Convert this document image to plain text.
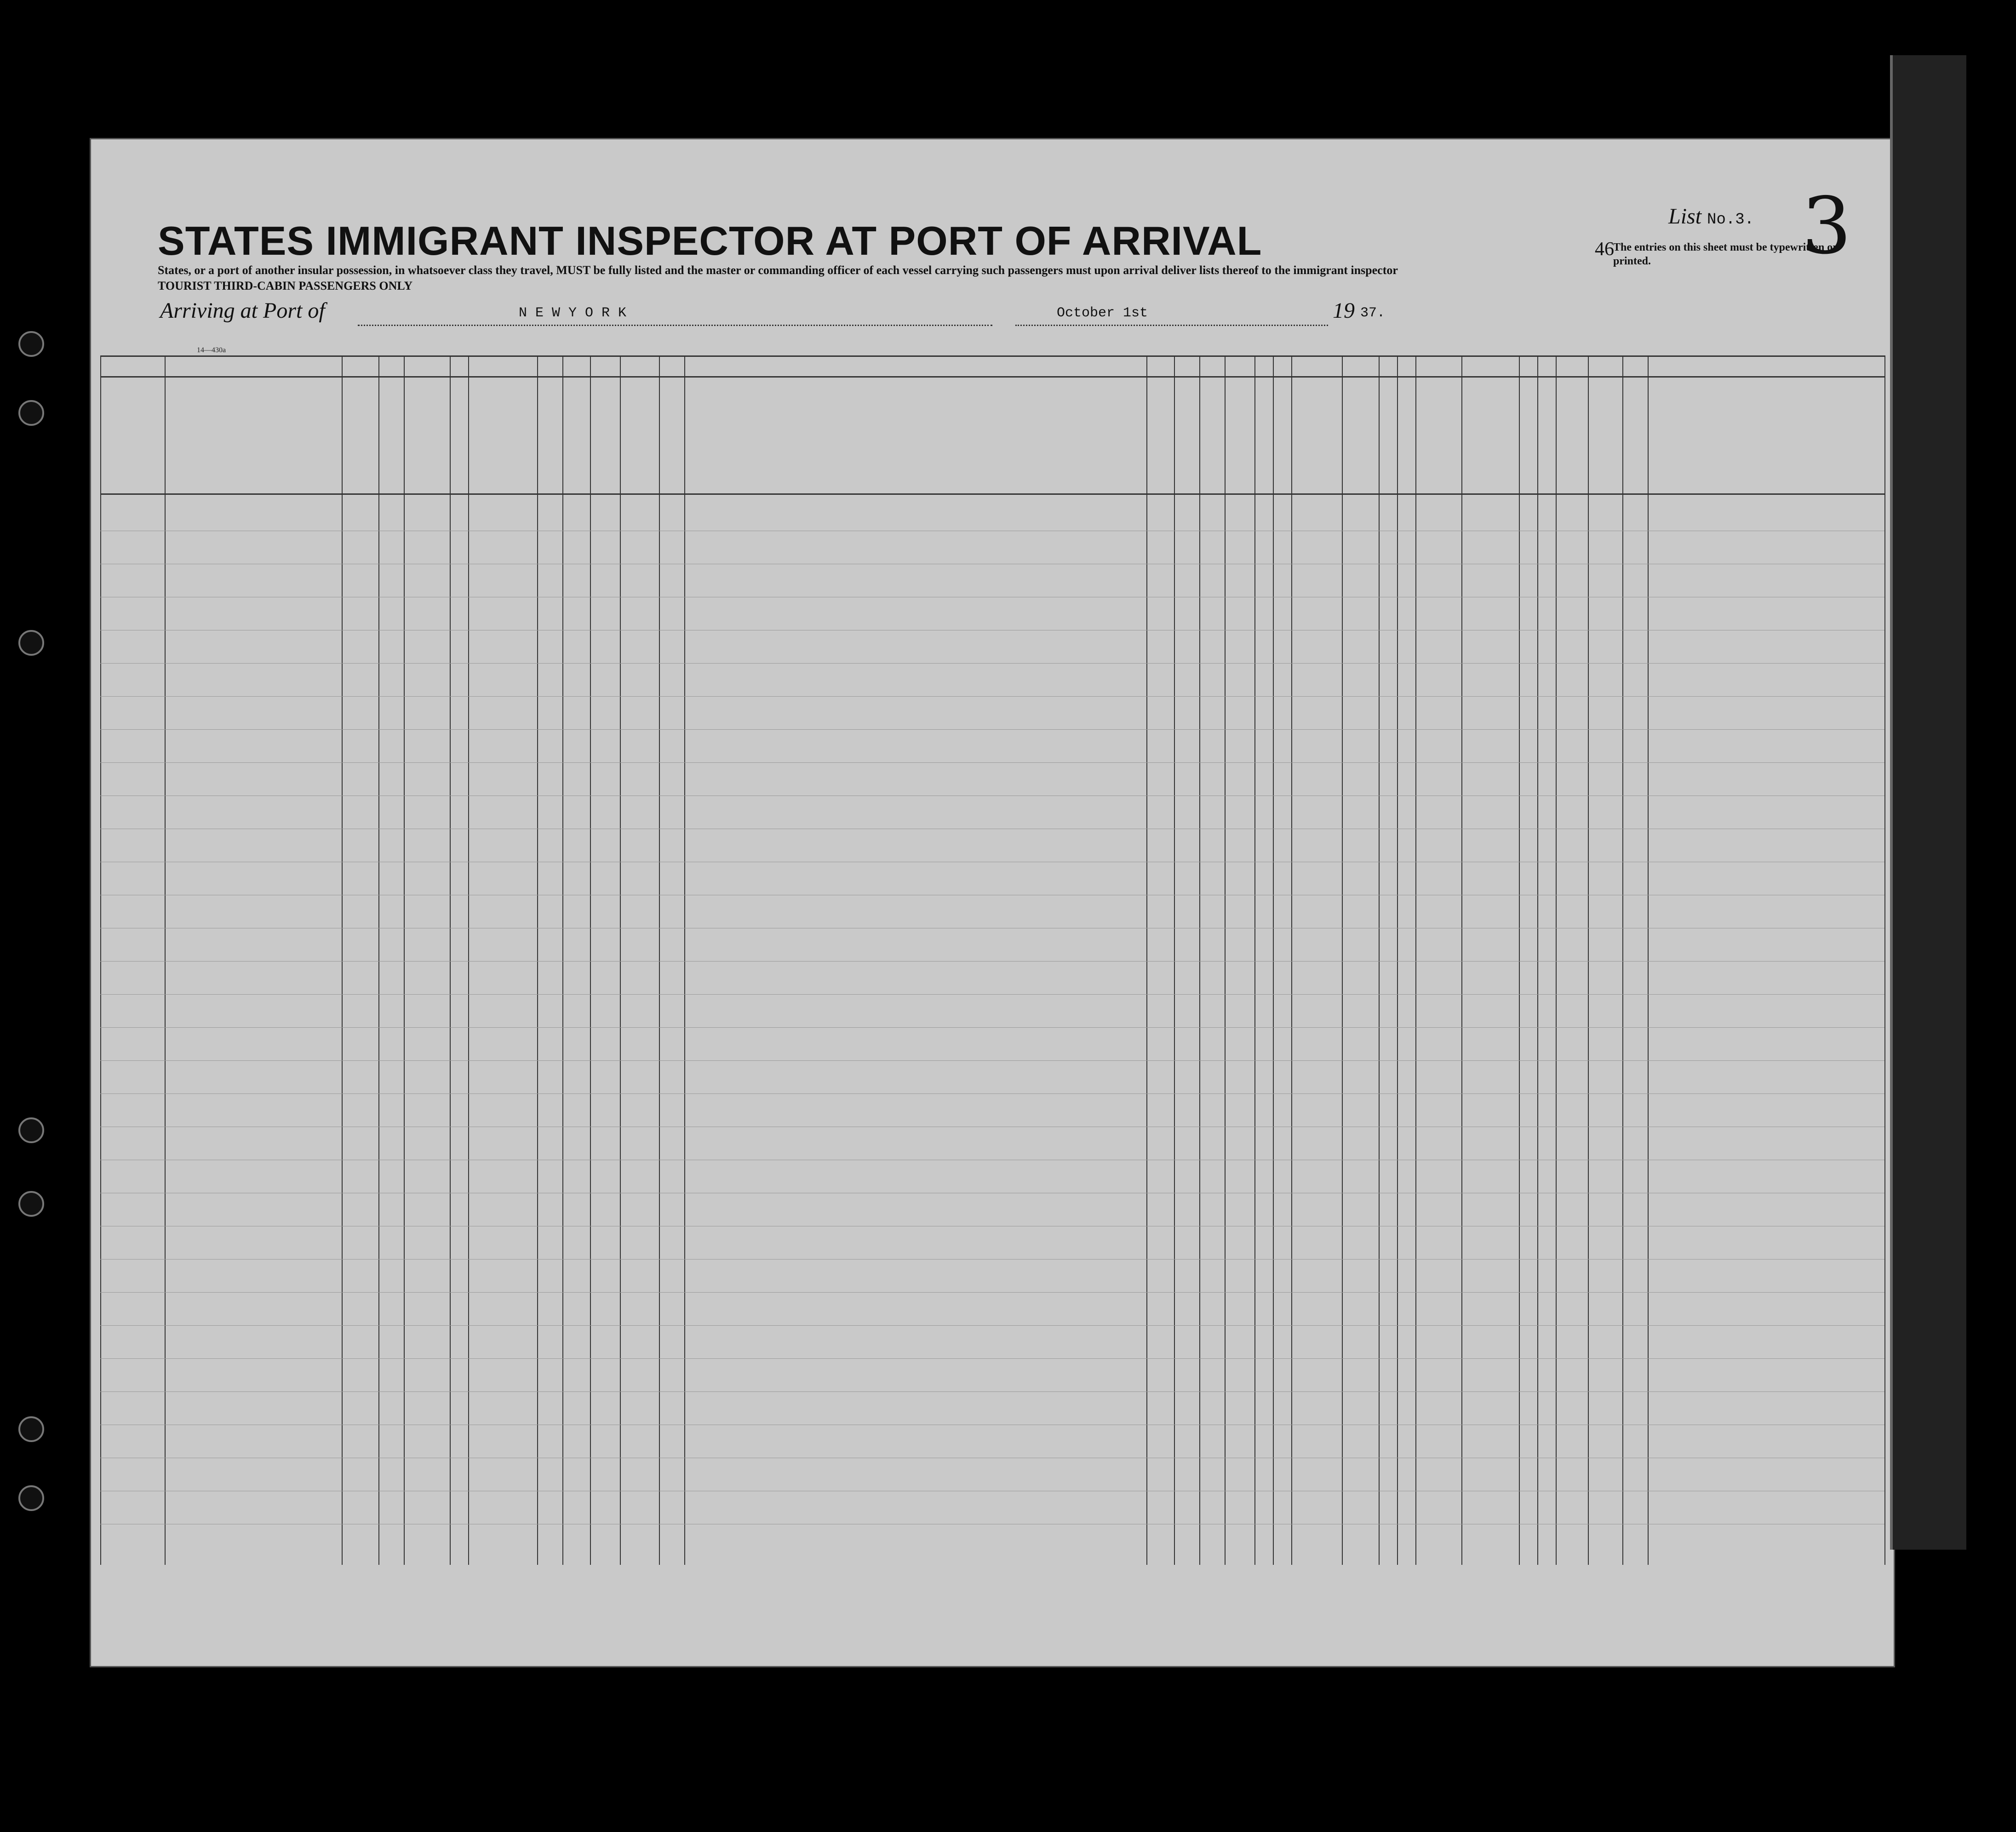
STATES IMMIGRANT INSPECTOR AT PORT OF ARRIVAL	46
List No.3. 3
The entries on this sheet must be typewritten or printed.
States, or a port of another insular possession, in whatsoever class they travel, MUST be fully listed and the master or commanding officer of each vessel carrying such passengers must upon arrival deliver lists thereof to the immigrant inspector
TOURIST THIRD-CABIN PASSENGERS ONLY
Arriving at Port of	N E W Y O R K	October 1st	19 37.
14—430a
